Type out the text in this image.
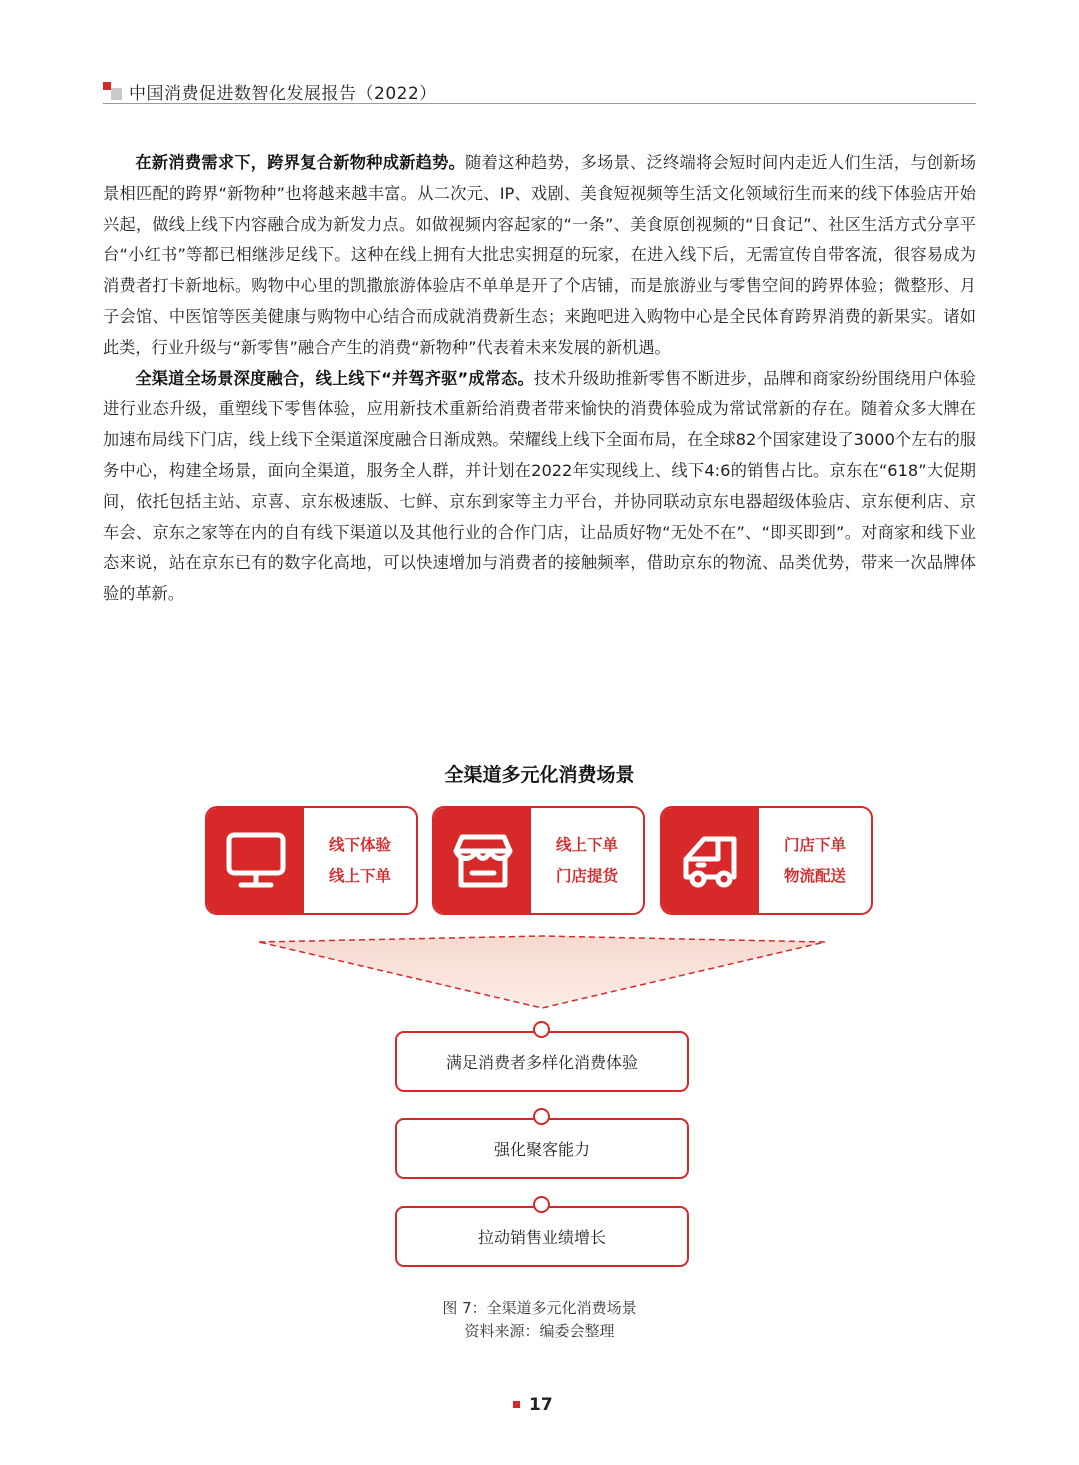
中国消费促进数智化发展报告（2022）

在新消费需求下，跨界复合新物种成新趋势。随着这种趋势，多场景、泛终端将会短时间内走近人们生活，与创新场景相匹配的跨界“新物种”也将越来越丰富。从二次元、IP、戏剧、美食短视频等生活文化领域衍生而来的线下体验店开始兴起，做线上线下内容融合成为新发力点。如做视频内容起家的“一条”、美食原创视频的“日食记”、社区生活方式分享平台“小红书”等都已相继涉足线下。这种在线上拥有大批忠实拥趸的玩家，在进入线下后，无需宣传自带客流，很容易成为消费者打卡新地标。购物中心里的凯撒旅游体验店不单单是开了个店铺，而是旅游业与零售空间的跨界体验；微整形、月子会馆、中医馆等医美健康与购物中心结合而成就消费新生态；来跑吧进入购物中心是全民体育跨界消费的新果实。诸如此类，行业升级与“新零售”融合产生的消费“新物种”代表着未来发展的新机遇。

全渠道全场景深度融合，线上线下“并驾齐驱”成常态。技术升级助推新零售不断进步，品牌和商家纷纷围绕用户体验进行业态升级，重塑线下零售体验，应用新技术重新给消费者带来愉快的消费体验成为常试常新的存在。随着众多大牌在加速布局线下门店，线上线下全渠道深度融合日渐成熟。荣耀线上线下全面布局，在全球82个国家建设了3000个左右的服务中心，构建全场景，面向全渠道，服务全人群，并计划在2022年实现线上、线下4:6的销售占比。京东在“618”大促期间，依托包括主站、京喜、京东极速版、七鲜、京东到家等主力平台，并协同联动京东电器超级体验店、京东便利店、京车会、京东之家等在内的自有线下渠道以及其他行业的合作门店，让品质好物“无处不在”、“即买即到”。对商家和线下业态来说，站在京东已有的数字化高地，可以快速增加与消费者的接触频率，借助京东的物流、品类优势，带来一次品牌体验的革新。

全渠道多元化消费场景
线下体验
线上下单
线上下单
门店提货
门店下单
物流配送
满足消费者多样化消费体验
强化聚客能力
拉动销售业绩增长
图 7：全渠道多元化消费场景
资料来源：编委会整理
17
